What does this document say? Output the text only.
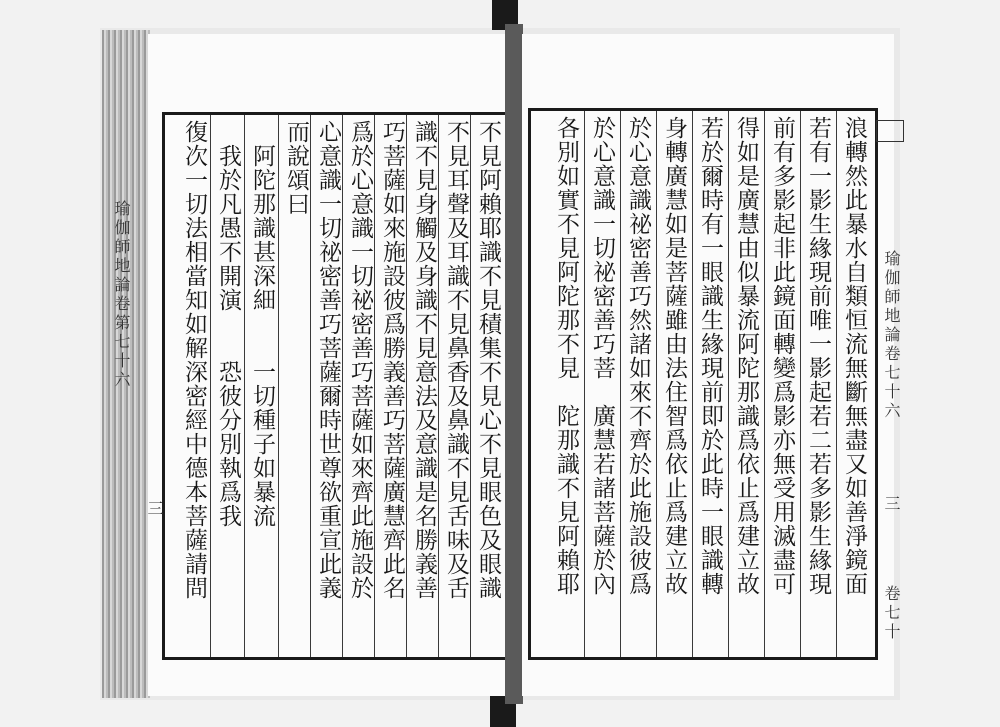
瑜伽師地論卷第七十六
三	不見阿賴耶識不見積集不見心不見眼色及眼識
不見耳聲及耳識不見鼻香及鼻識不見舌味及舌
識不見身觸及身識不見意法及意識是名勝義善
巧菩薩如來施設彼爲勝義善巧菩薩廣慧齊此名
爲於心意識一切祕密善巧菩薩如來齊此施設於
心意識一切祕密善巧菩薩爾時世尊欲重宣此義
而說頌曰
阿陀那識甚深細　　一切種子如暴流
我於凡愚不開演　　恐彼分別執爲我
復次一切法相當知如解深密經中德本菩薩請問	瑜伽師地論卷七十六
三
卷七十
浪轉然此暴水自類恒流無斷無盡又如善淨鏡面
若有一影生緣現前唯一影起若二若多影生緣現
前有多影起非此鏡面轉變爲影亦無受用滅盡可
得如是廣慧由似暴流阿陀那識爲依止爲建立故
若於爾時有一眼識生緣現前即於此時一眼識轉
身轉廣慧如是菩薩雖由法住智爲依止爲建立故
於心意識祕密善巧然諸如來不齊於此施設彼爲
於心意識一切祕密善巧菩　廣慧若諸菩薩於內
各別如實不見阿陀那不見　陀那識不見阿賴耶
